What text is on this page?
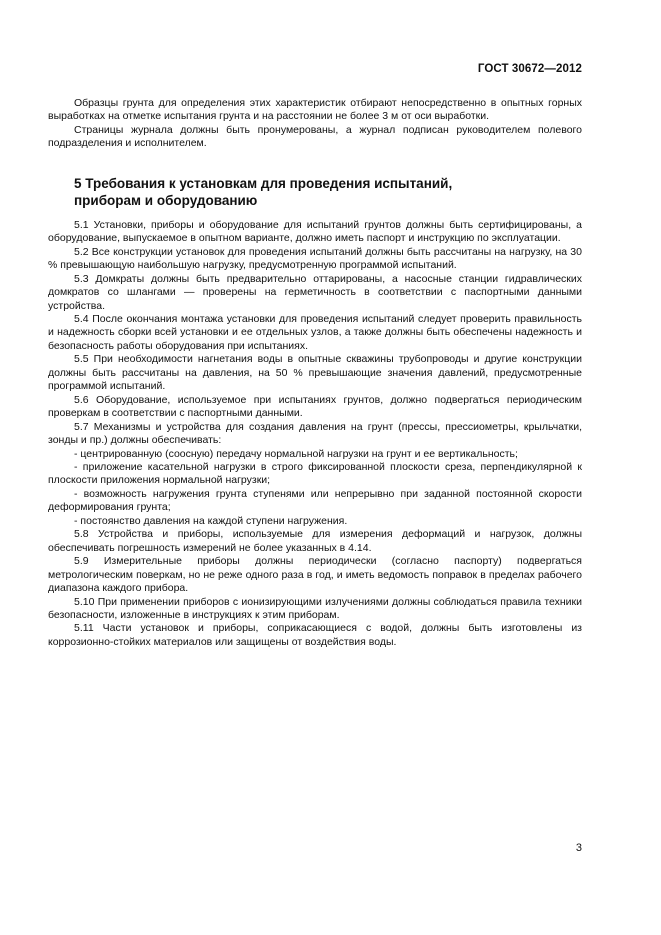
ГОСТ 30672—2012

Образцы грунта для определения этих характеристик отбирают непосредственно в опытных горных выработках на отметке испытания грунта и на расстоянии не более 3 м от оси выработки.

Страницы журнала должны быть пронумерованы, а журнал подписан руководителем полевого подразделения и исполнителем.

5 Требования к установкам для проведения испытаний,
приборам и оборудованию

5.1 Установки, приборы и оборудование для испытаний грунтов должны быть сертифицированы, а оборудование, выпускаемое в опытном варианте, должно иметь паспорт и инструкцию по эксплуатации.

5.2 Все конструкции установок для проведения испытаний должны быть рассчитаны на нагрузку, на 30 % превышающую наибольшую нагрузку, предусмотренную программой испытаний.

5.3 Домкраты должны быть предварительно оттарированы, а насосные станции гидравлических домкратов со шлангами — проверены на герметичность в соответствии с паспортными данными устройства.

5.4 После окончания монтажа установки для проведения испытаний следует проверить правильность и надежность сборки всей установки и ее отдельных узлов, а также должны быть обеспечены надежность и безопасность работы оборудования при испытаниях.

5.5 При необходимости нагнетания воды в опытные скважины трубопроводы и другие конструкции должны быть рассчитаны на давления, на 50 % превышающие значения давлений, предусмотренные программой испытаний.

5.6 Оборудование, используемое при испытаниях грунтов, должно подвергаться периодическим проверкам в соответствии с паспортными данными.

5.7 Механизмы и устройства для создания давления на грунт (прессы, прессиометры, крыльчатки, зонды и пр.) должны обеспечивать:

- центрированную (соосную) передачу нормальной нагрузки на грунт и ее вертикальность;

- приложение касательной нагрузки в строго фиксированной плоскости среза, перпендикулярной к плоскости приложения нормальной нагрузки;

- возможность нагружения грунта ступенями или непрерывно при заданной постоянной скорости деформирования грунта;

- постоянство давления на каждой ступени нагружения.

5.8 Устройства и приборы, используемые для измерения деформаций и нагрузок, должны обеспечивать погрешность измерений не более указанных в 4.14.

5.9 Измерительные приборы должны периодически (согласно паспорту) подвергаться метрологическим поверкам, но не реже одного раза в год, и иметь ведомость поправок в пределах рабочего диапазона каждого прибора.

5.10 При применении приборов с ионизирующими излучениями должны соблюдаться правила техники безопасности, изложенные в инструкциях к этим приборам.

5.11 Части установок и приборы, соприкасающиеся с водой, должны быть изготовлены из коррозионно-стойких материалов или защищены от воздействия воды.

3
